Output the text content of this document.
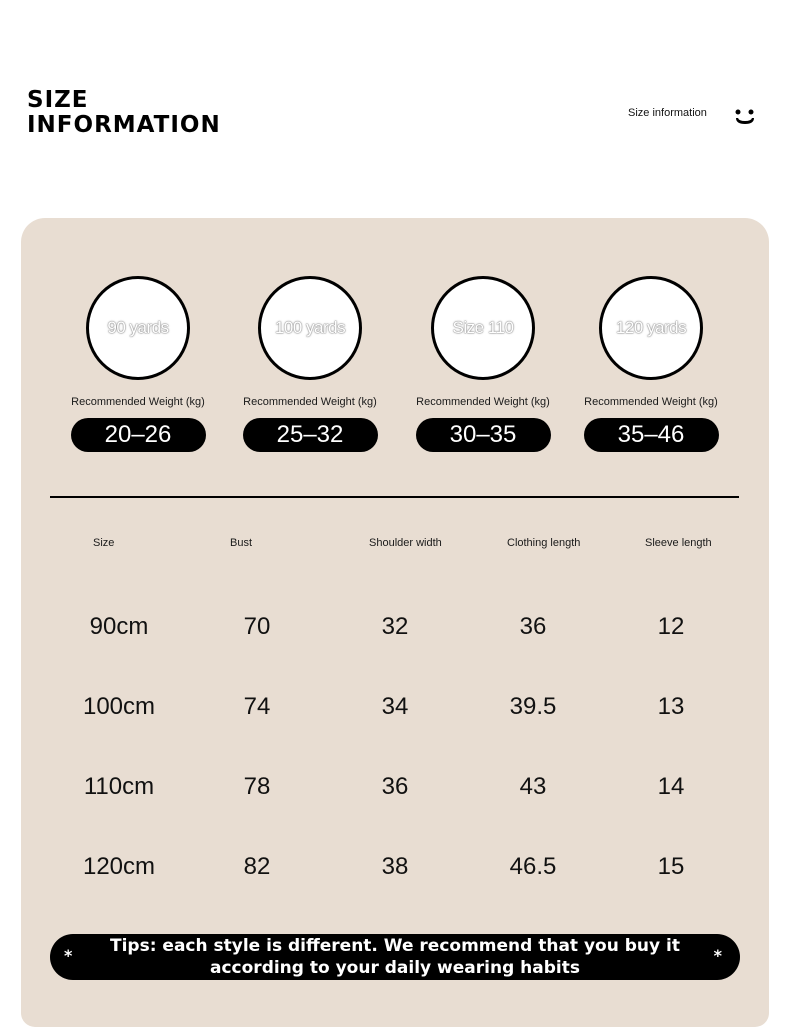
SIZE
INFORMATION	Size information
90 yards
Recommended Weight (kg)
20–26
100 yards
Recommended Weight (kg)
25–32
Size 110
Recommended Weight (kg)
30–35
120 yards
Recommended Weight (kg)
35–46
Size	Bust	Shoulder width	Clothing length	Sleeve length
90cm	70	32	36	12
100cm	74	34	39.5	13
110cm	78	36	43	14
120cm	82	38	46.5	15
*	Tips: each style is different. We recommend that you buy it according to your daily wearing habits
*
